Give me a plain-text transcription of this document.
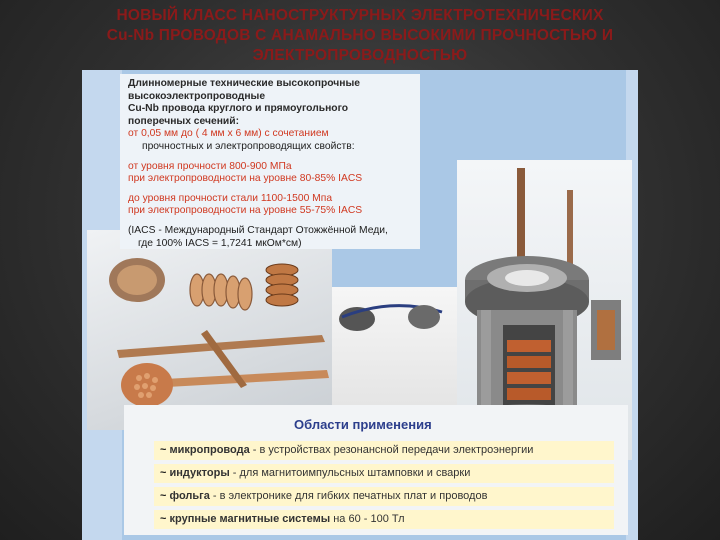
НОВЫЙ КЛАСС НАНОСТРУКТУРНЫХ ЭЛЕКТРОТЕХНИЧЕСКИХ
Cu-Nb ПРОВОДОВ С АНАМАЛЬНО ВЫСОКИМИ ПРОЧНОСТЬЮ И
ЭЛЕКТРОПРОВОДНОСТЬЮ
Длинномерные технические высокопрочные высокоэлектропроводные
Cu-Nb провода круглого и прямоугольного поперечных сечений:
от 0,05 мм до ( 4 мм х 6 мм) с сочетанием
прочностных и электропроводящих свойств:
от уровня прочности 800-900 МПа
при электропроводности на уровне 80-85% IACS
до уровня прочности стали 1100-1500 Мпа
при электропроводности на уровне 55-75% IACS
(IACS - Международный Стандарт Отожжённой Меди,
где 100% IACS = 1,7241 мкОм*см)
Области применения
~ микропровода - в устройствах резонансной передачи электроэнергии
~ индукторы - для магнитоимпульсных штамповки и сварки
~ фольга - в электронике для гибких печатных плат и проводов
~ крупные магнитные системы на 60 - 100 Тл
